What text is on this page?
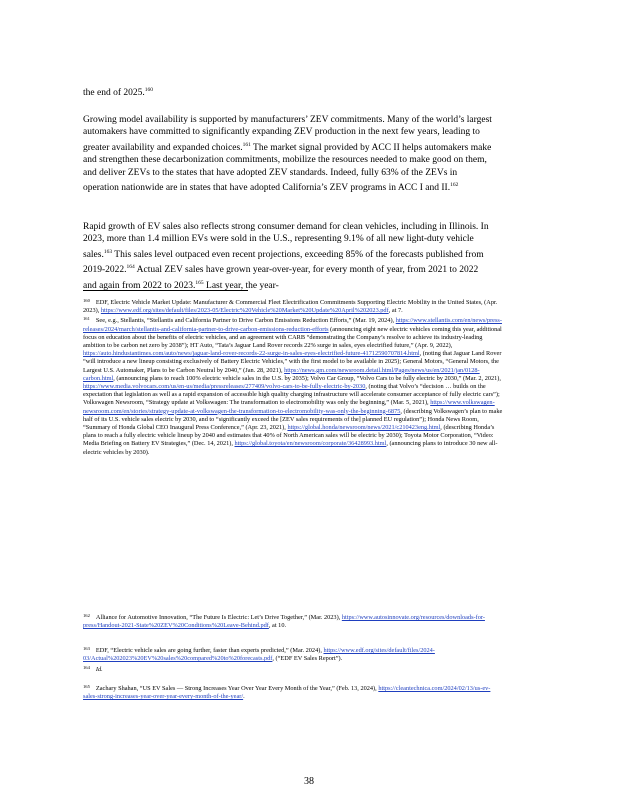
the end of 2025.$^{160}$

Growing model availability is supported by manufacturers’ ZEV commitments. Many of the world’s largest automakers have committed to significantly expanding ZEV production in the next few years, leading to greater availability and expanded choices.$^{161}$ The market signal provided by ACC II helps automakers make and strengthen these decarbonization commitments, mobilize the resources needed to make good on them, and deliver ZEVs to the states that have adopted ZEV standards. Indeed, fully 63% of the ZEVs in operation nationwide are in states that have adopted California’s ZEV programs in ACC I and II.$^{162}$

Rapid growth of EV sales also reflects strong consumer demand for clean vehicles, including in Illinois. In 2023, more than 1.4 million EVs were sold in the U.S., representing 9.1% of all new light-duty vehicle sales.$^{163}$ This sales level outpaced even recent projections, exceeding 85% of the forecasts published from 2019-2022.$^{164}$ Actual ZEV sales have grown year-over-year, for every month of year, from 2021 to 2022 and again from 2022 to 2023.$^{165}$ Last year, the year-

$^{160}$ EDF, Electric Vehicle Market Update: Manufacturer & Commercial Fleet Electrification Commitments Supporting Electric Mobility in the United States, (Apr. 2023), https://www.edf.org/sites/default/files/2023-05/Electric%20Vehicle%20Market%20Update%20April%202023.pdf, at 7.

$^{161}$ See, e.g., Stellantis, “Stellantis and California Partner to Drive Carbon Emissions Reduction Efforts,” (Mar. 19, 2024), https://www.stellantis.com/en/news/press-releases/2024/march/stellantis-and-california-partner-to-drive-carbon-emissions-reduction-efforts (announcing eight new electric vehicles coming this year, additional focus on education about the benefits of electric vehicles, and an agreement with CARB “demonstrating the Company’s resolve to achieve its industry-leading ambition to be carbon net zero by 2038”); HT Auto, “Tata’s Jaguar Land Rover records 22% surge in sales, eyes electrified future,” (Apr. 9, 2022), https://auto.hindustantimes.com/auto/news/jaguar-land-rover-records-22-surge-in-sales-eyes-electrified-future-41712590707814.html, (noting that Jaguar Land Rover “will introduce a new lineup consisting exclusively of Battery Electric Vehicles,” with the first model to be available in 2025); General Motors, “General Motors, the Largest U.S. Automaker, Plans to be Carbon Neutral by 2040,” (Jan. 28, 2021), https://news.gm.com/newsroom.detail.html/Pages/news/us/en/2021/jan/0128-carbon.html, (announcing plans to reach 100% electric vehicle sales in the U.S. by 2035); Volvo Car Group, “Volvo Cars to be fully electric by 2030,” (Mar. 2, 2021), https://www.media.volvocars.com/us/en-us/media/pressreleases/277409/volvo-cars-to-be-fully-electric-by-2030, (noting that Volvo’s “decision … builds on the expectation that legislation as well as a rapid expansion of accessible high quality charging infrastructure will accelerate consumer acceptance of fully electric cars”); Volkswagen Newsroom, “Strategy update at Volkswagen: The transformation to electromobility was only the beginning,” (Mar. 5, 2021), https://www.volkswagen-newsroom.com/en/stories/strategy-update-at-volkswagen-the-transformation-to-electromobility-was-only-the-beginning-6875, (describing Volkswagen’s plan to make half of its U.S. vehicle sales electric by 2030, and to “significantly exceed the [ZEV sales requirements of the] planned EU regulation”); Honda News Room, “Summary of Honda Global CEO Inaugural Press Conference,” (Apr. 23, 2021), https://global.honda/newsroom/news/2021/c210423eng.html, (describing Honda’s plans to reach a fully electric vehicle lineup by 2040 and estimates that 40% of North American sales will be electric by 2030); Toyota Motor Corporation, “Video: Media Briefing on Battery EV Strategies,” (Dec. 14, 2021), https://global.toyota/en/newsroom/corporate/36428993.html, (announcing plans to introduce 30 new all-electric vehicles by 2030).

$^{162}$ Alliance for Automotive Innovation, “The Future Is Electric: Let’s Drive Together,” (Mar. 2023), https://www.autosinnovate.org/resources/downloads-for-press/Handout-2021-State%20ZEV%20Conditions%20Leave-Behind.pdf, at 10.

$^{163}$ EDF, “Electric vehicle sales are going further, faster than experts predicted,” (Mar. 2024), https://www.edf.org/sites/default/files/2024-03/Actual%202023%20EV%20sales%20compared%20to%20forecasts.pdf, (“EDF EV Sales Report”).

$^{164}$ Id.

$^{165}$ Zachary Shahan, “US EV Sales — Strong Increases Year Over Year Every Month of the Year,” (Feb. 13, 2024), https://cleantechnica.com/2024/02/13/us-ev-sales-strong-increases-year-over-year-every-month-of-the-year/.

38
